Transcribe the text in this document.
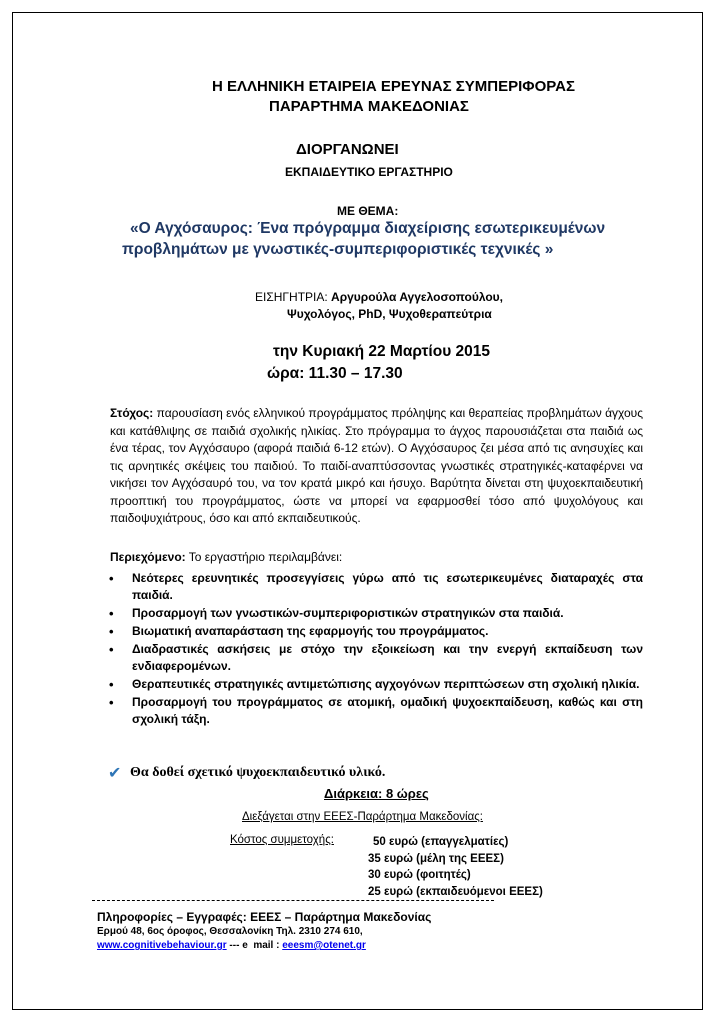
Η ΕΛΛΗΝΙΚΗ ΕΤΑΙΡΕΙΑ ΕΡΕΥΝΑΣ ΣΥΜΠΕΡΙΦΟΡΑΣ
ΠΑΡΑΡΤΗΜΑ ΜΑΚΕΔΟΝΙΑΣ
ΔΙΟΡΓΑΝΩΝΕΙ
ΕΚΠΑΙΔΕΥΤΙΚΟ ΕΡΓΑΣΤΗΡΙΟ
ΜΕ ΘΕΜΑ:
«Ο Αγχόσαυρος: Ένα πρόγραμμα διαχείρισης εσωτερικευμένων
προβλημάτων με γνωστικές-συμπεριφοριστικές τεχνικές »
ΕΙΣΗΓΗΤΡΙΑ: Αργυρούλα Αγγελοσοπούλου,
Ψυχολόγος, PhD, Ψυχοθεραπεύτρια
την Κυριακή 22 Μαρτίου 2015
ώρα: 11.30 – 17.30
Στόχος: παρουσίαση ενός ελληνικού προγράμματος πρόληψης και θεραπείας προβλημάτων άγχους και κατάθλιψης σε παιδιά σχολικής ηλικίας. Στο πρόγραμμα το άγχος παρουσιάζεται στα παιδιά ως ένα τέρας, τον Αγχόσαυρο (αφορά παιδιά 6-12 ετών). Ο Αγχόσαυρος ζει μέσα από τις ανησυχίες και τις αρνητικές σκέψεις του παιδιού. Το παιδί-αναπτύσσοντας γνωστικές στρατηγικές-καταφέρνει να νικήσει τον Αγχόσαυρό του, να τον κρατά μικρό και ήσυχο. Βαρύτητα δίνεται στη ψυχοεκπαιδευτική προοπτική του προγράμματος, ώστε να μπορεί να εφαρμοσθεί τόσο από ψυχολόγους και παιδοψυχιάτρους, όσο και από εκπαιδευτικούς.
Περιεχόμενο: Το εργαστήριο περιλαμβάνει:
• Νεότερες ερευνητικές προσεγγίσεις γύρω από τις εσωτερικευμένες διαταραχές στα παιδιά.
• Προσαρμογή των γνωστικών-συμπεριφοριστικών στρατηγικών στα παιδιά.
• Βιωματική αναπαράσταση της εφαρμογής του προγράμματος.
• Διαδραστικές ασκήσεις με στόχο την εξοικείωση και την ενεργή εκπαίδευση των ενδιαφερομένων.
• Θεραπευτικές στρατηγικές αντιμετώπισης αγχογόνων περιπτώσεων στη σχολική ηλικία.
• Προσαρμογή του προγράμματος σε ατομική, ομαδική ψυχοεκπαίδευση, καθώς και στη σχολική τάξη.
✔ Θα δοθεί σχετικό ψυχοεκπαιδευτικό υλικό.
Διάρκεια: 8 ώρες
Διεξάγεται στην ΕΕΕΣ-Παράρτημα Μακεδονίας:
Κόστος συμμετοχής:	50 ευρώ (επαγγελματίες)
35 ευρώ (μέλη της ΕΕΕΣ)
30 ευρώ (φοιτητές)
25 ευρώ (εκπαιδευόμενοι ΕΕΕΣ)
Πληροφορίες – Εγγραφές: ΕΕΕΣ – Παράρτημα Μακεδονίας
Ερμού 48, 6ος όροφος, Θεσσαλονίκη Τηλ. 2310 274 610,
www.cognitivebehaviour.gr --- e  mail : eeesm@otenet.gr
